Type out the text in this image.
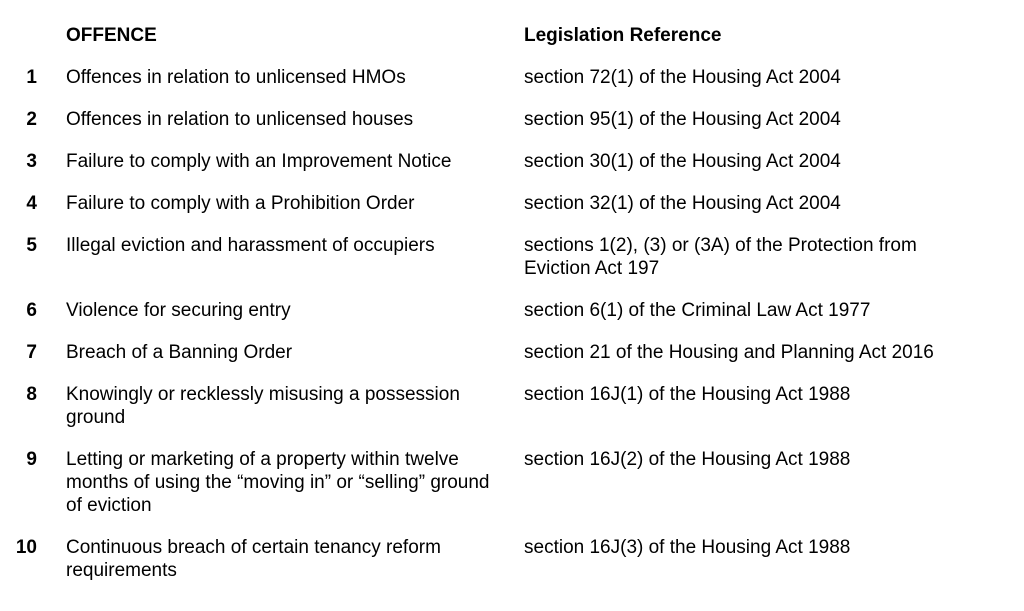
	OFFENCE	Legislation Reference
1	Offences in relation to unlicensed HMOs	section 72(1) of the Housing Act 2004
2	Offences in relation to unlicensed houses	section 95(1) of the Housing Act 2004
3	Failure to comply with an Improvement Notice	section 30(1) of the Housing Act 2004
4	Failure to comply with a Prohibition Order	section 32(1) of the Housing Act 2004
5	Illegal eviction and harassment of occupiers	sections 1(2), (3) or (3A) of the Protection from Eviction Act 197
6	Violence for securing entry	section 6(1) of the Criminal Law Act 1977
7	Breach of a Banning Order	section 21 of the Housing and Planning Act 2016
8	Knowingly or recklessly misusing a possession ground	section 16J(1) of the Housing Act 1988
9	Letting or marketing of a property within twelve months of using the “moving in” or “selling” ground of eviction	section 16J(2) of the Housing Act 1988
10	Continuous breach of certain tenancy reform requirements	section 16J(3) of the Housing Act 1988
